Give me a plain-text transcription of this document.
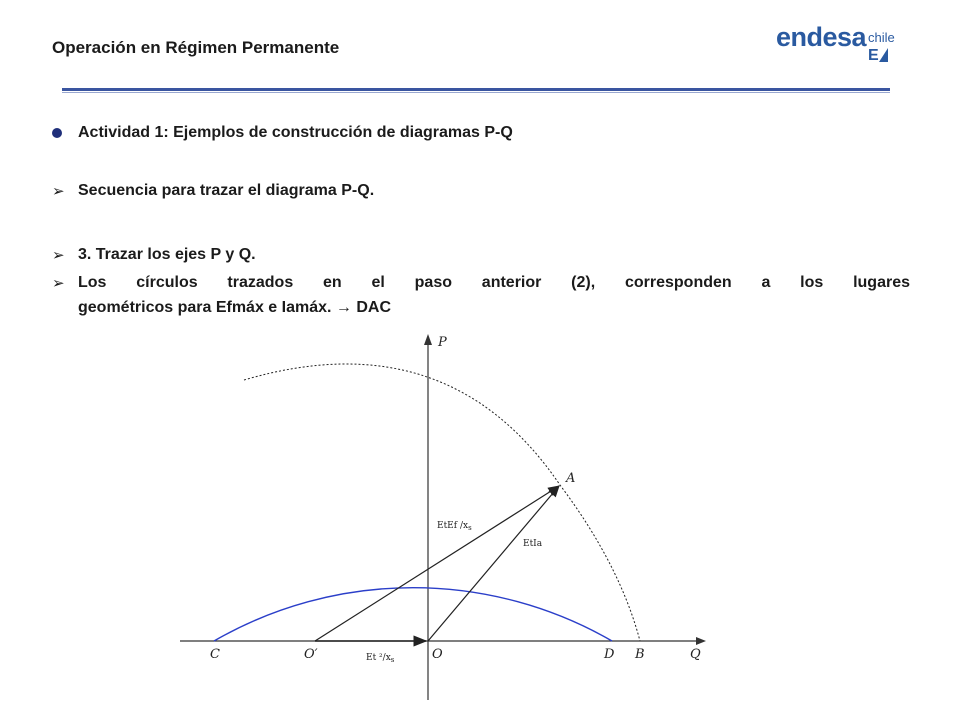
Operación en Régimen Permanente	endesa chile
E
Actividad 1: Ejemplos de construcción de diagramas P-Q
➢ Secuencia para trazar el diagrama P-Q.
➢ 3. Trazar los ejes P y Q.
➢ Los círculos trazados en el paso anterior (2), corresponden a los lugares
geométricos para Efmáx e Iamáx. → DAC
P
Q
A
B
C	D
O
O′
EtEf $/x_s$
EtIa
Et $^2/x_s$
